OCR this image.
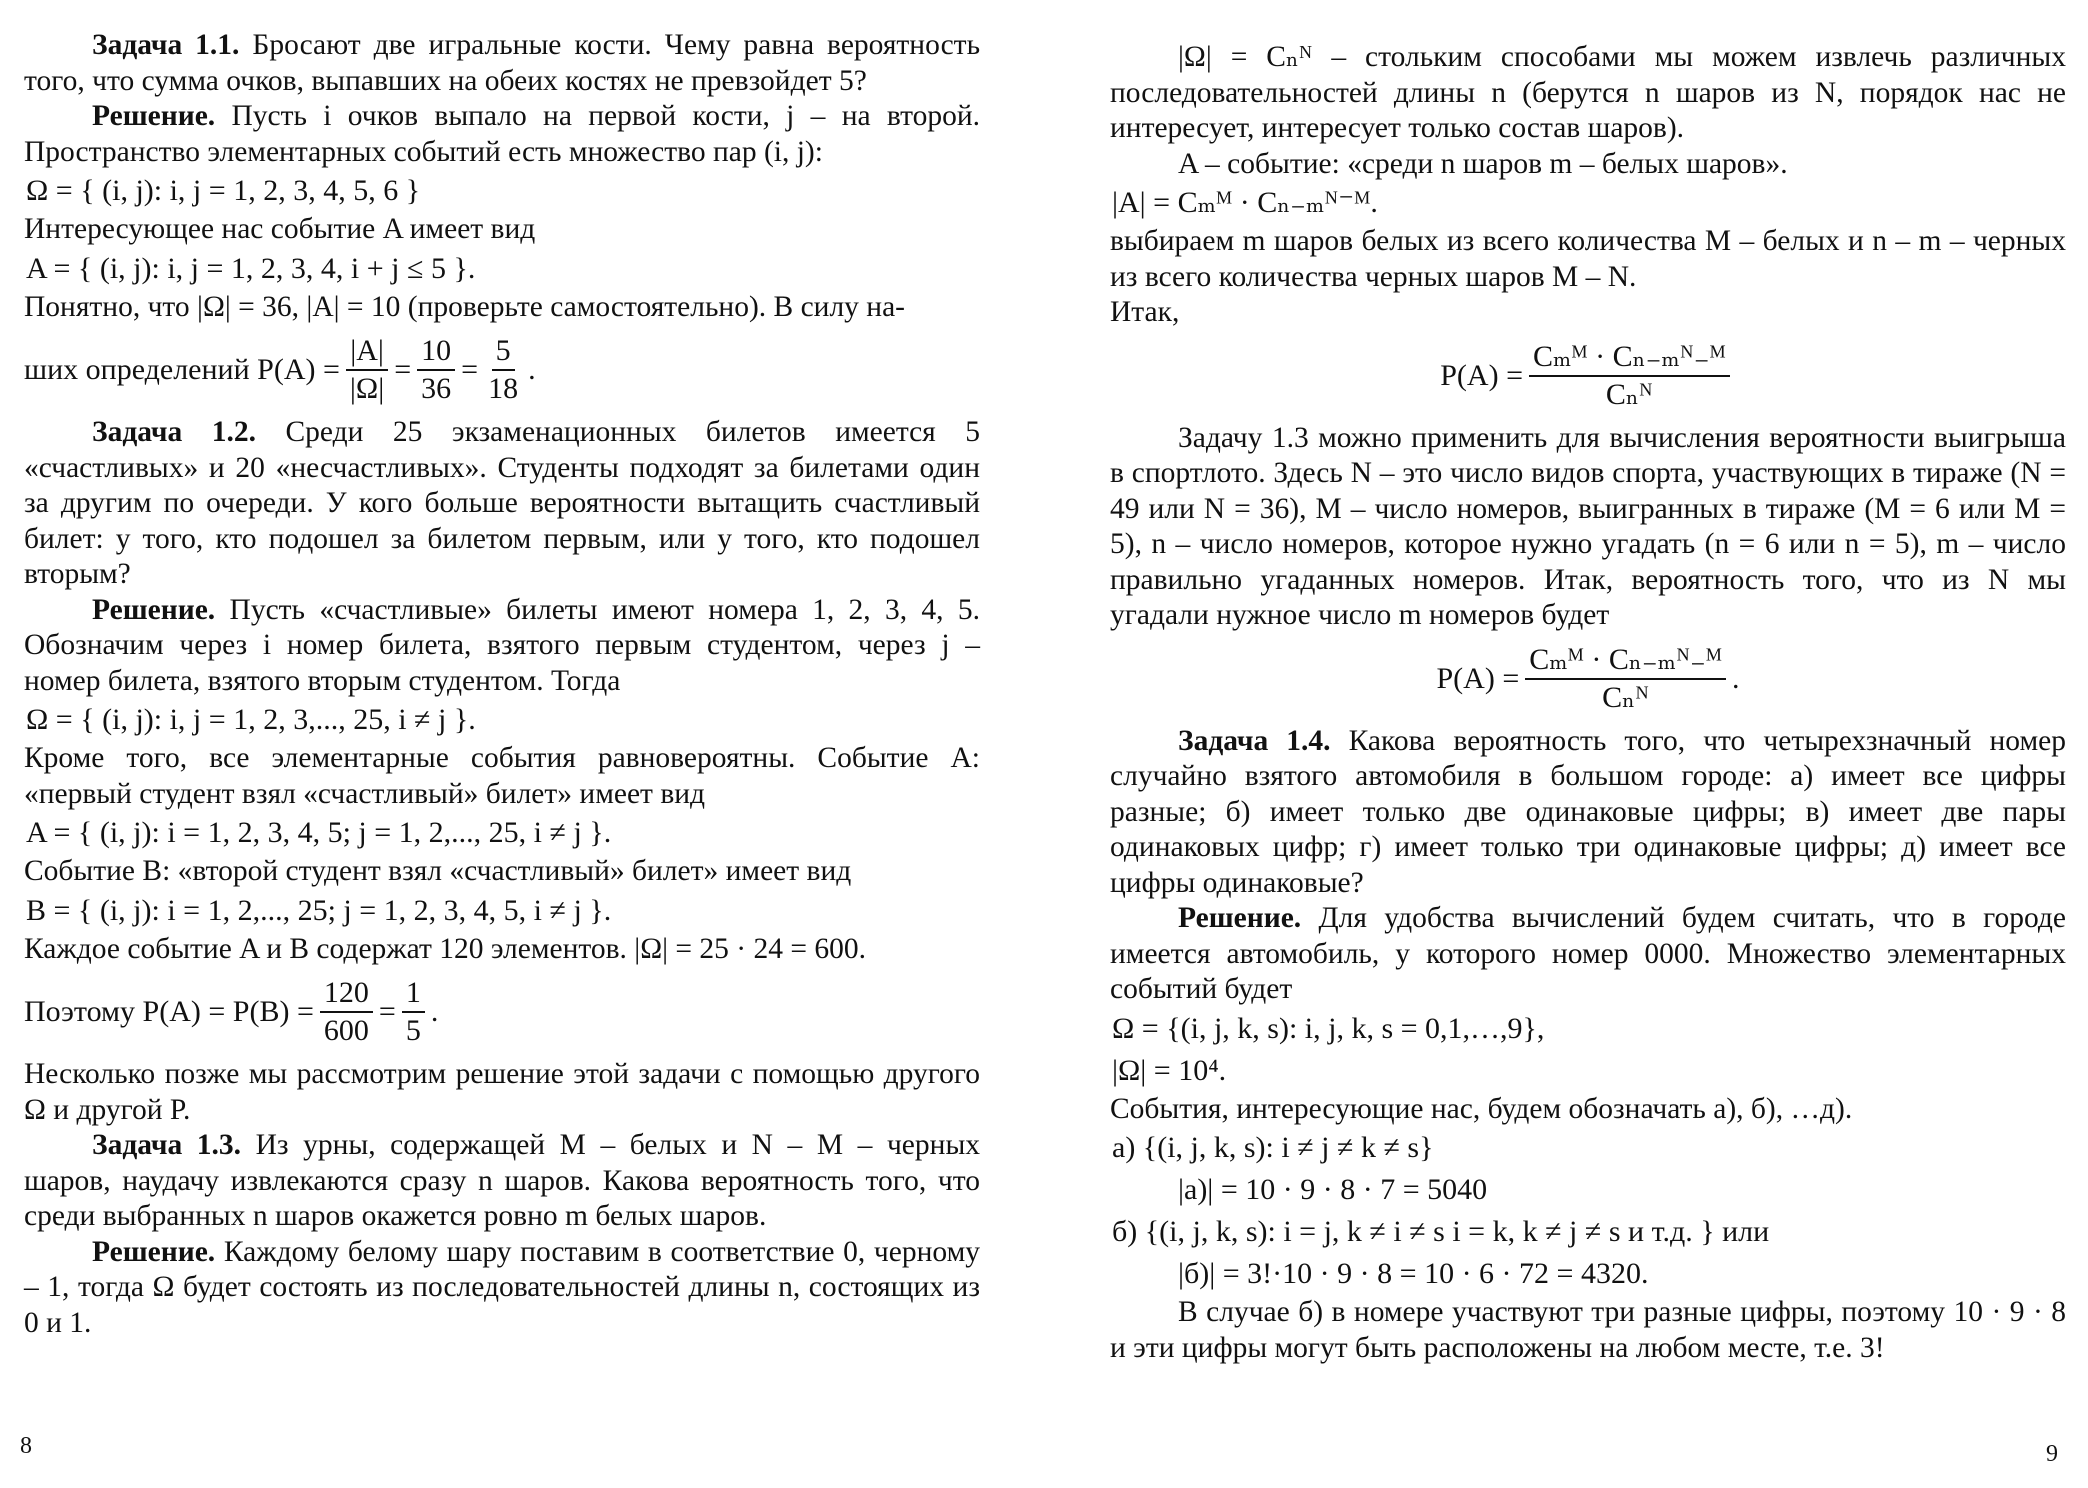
Задача 1.1. Бросают две игральные кости. Чему равна вероятность того, что сумма очков, выпавших на обеих костях не превзойдет 5?

Решение. Пусть i очков выпало на первой кости, j – на второй. Пространство элементарных событий есть множество пар (i, j):

Ω = { (i, j): i, j = 1, 2, 3, 4, 5, 6 }

Интересующее нас событие A имеет вид

A = { (i, j): i, j = 1, 2, 3, 4, i + j ≤ 5 }.

Понятно, что |Ω| = 36, |A| = 10 (проверьте самостоятельно). В силу на-

ших определений $P(A) = \frac{|A|}{|\Omega|} = \frac{10}{36} = \frac{5}{18}$ .

Задача 1.2. Среди 25 экзаменационных билетов имеется 5 «счастливых» и 20 «несчастливых». Студенты подходят за билетами один за другим по очереди. У кого больше вероятности вытащить счастливый билет: у того, кто подошел за билетом первым, или у того, кто подошел вторым?

Решение. Пусть «счастливые» билеты имеют номера 1, 2, 3, 4, 5. Обозначим через i номер билета, взятого первым студентом, через j – номер билета, взятого вторым студентом. Тогда

Ω = { (i, j): i, j = 1, 2, 3,..., 25, i ≠ j }.

Кроме того, все элементарные события равновероятны. Событие A: «первый студент взял «счастливый» билет» имеет вид

A = { (i, j): i = 1, 2, 3, 4, 5; j = 1, 2,..., 25, i ≠ j }.

Событие B: «второй студент взял «счастливый» билет» имеет вид

B = { (i, j): i = 1, 2,..., 25; j = 1, 2, 3, 4, 5, i ≠ j }.

Каждое событие A и B содержат 120 элементов. |Ω| = 25 · 24 = 600.

Поэтому $P(A) = P(B) = \frac{120}{600} = \frac{1}{5}$ .

Несколько позже мы рассмотрим решение этой задачи с помощью другого Ω и другой P.

Задача 1.3. Из урны, содержащей M – белых и N – M – черных шаров, наудачу извлекаются сразу n шаров. Какова вероятность того, что среди выбранных n шаров окажется ровно m белых шаров.

Решение. Каждому белому шару поставим в соответствие 0, черному – 1, тогда Ω будет состоять из последовательностей длины n, состоящих из 0 и 1.

8

|Ω| = Cₙᴺ – стольким способами мы можем извлечь различных последовательностей длины n (берутся n шаров из N, порядок нас не интересует, интересует только состав шаров).

A – событие: «среди n шаров m – белых шаров».

|A| = Cₘᴹ · Cₙ₋ₘᴺ⁻ᴹ.

выбираем m шаров белых из всего количества M – белых и n – m – черных из всего количества черных шаров M – N.

Итак,

$P(A) = \frac{\text{Cₘᴹ · Cₙ₋ₘᴺ₋ᴹ}}{\text{Cₙᴺ}}$

Задачу 1.3 можно применить для вычисления вероятности выигрыша в спортлото. Здесь N – это число видов спорта, участвующих в тираже (N = 49 или N = 36), M – число номеров, выигранных в тираже (M = 6 или M = 5), n – число номеров, которое нужно угадать (n = 6 или n = 5), m – число правильно угаданных номеров. Итак, вероятность того, что из N мы угадали нужное число m номеров будет

$P(A) = \frac{\text{Cₘᴹ · Cₙ₋ₘᴺ₋ᴹ}}{\text{Cₙᴺ}}$ .

Задача 1.4. Какова вероятность того, что четырехзначный номер случайно взятого автомобиля в большом городе: а) имеет все цифры разные; б) имеет только две одинаковые цифры; в) имеет две пары одинаковых цифр; г) имеет только три одинаковые цифры; д) имеет все цифры одинаковые?

Решение. Для удобства вычислений будем считать, что в городе имеется автомобиль, у которого номер 0000. Множество элементарных событий будет

Ω = {(i, j, k, s): i, j, k, s = 0,1,…,9},

|Ω| = 10⁴.

События, интересующие нас, будем обозначать а), б), …д).

а) {(i, j, k, s): i ≠ j ≠ k ≠ s}

|а)| = 10 · 9 · 8 · 7 = 5040

б) {(i, j, k, s): i = j, k ≠ i ≠ s i = k, k ≠ j ≠ s и т.д. } или

|б)| = 3!·10 · 9 · 8 = 10 · 6 · 72 = 4320.

В случае б) в номере участвуют три разные цифры, поэтому 10 · 9 · 8 и эти цифры могут быть расположены на любом месте, т.е. 3!

9
